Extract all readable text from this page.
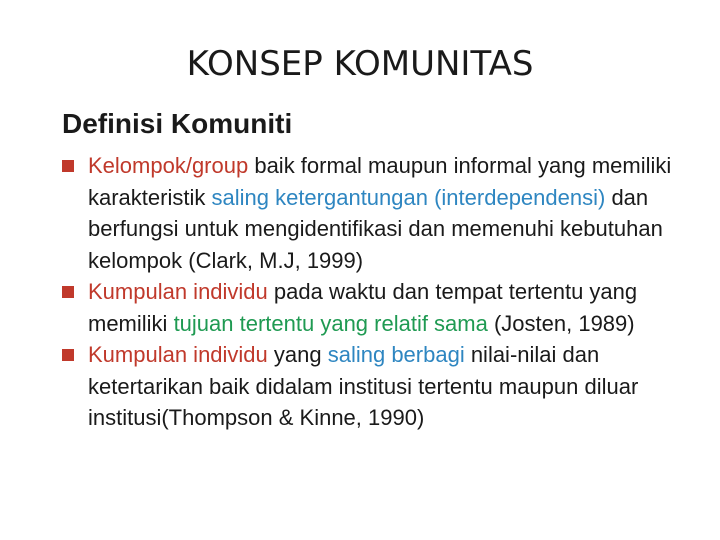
KONSEP KOMUNITAS
Definisi Komuniti
Kelompok/group baik formal maupun informal yang memiliki karakteristik saling ketergantungan (interdependensi) dan berfungsi untuk mengidentifikasi dan memenuhi kebutuhan kelompok (Clark, M.J, 1999)
Kumpulan individu pada waktu dan tempat tertentu yang memiliki tujuan tertentu yang relatif sama (Josten, 1989)
Kumpulan individu yang saling berbagi nilai-nilai dan ketertarikan baik didalam institusi tertentu maupun diluar institusi(Thompson & Kinne, 1990)
